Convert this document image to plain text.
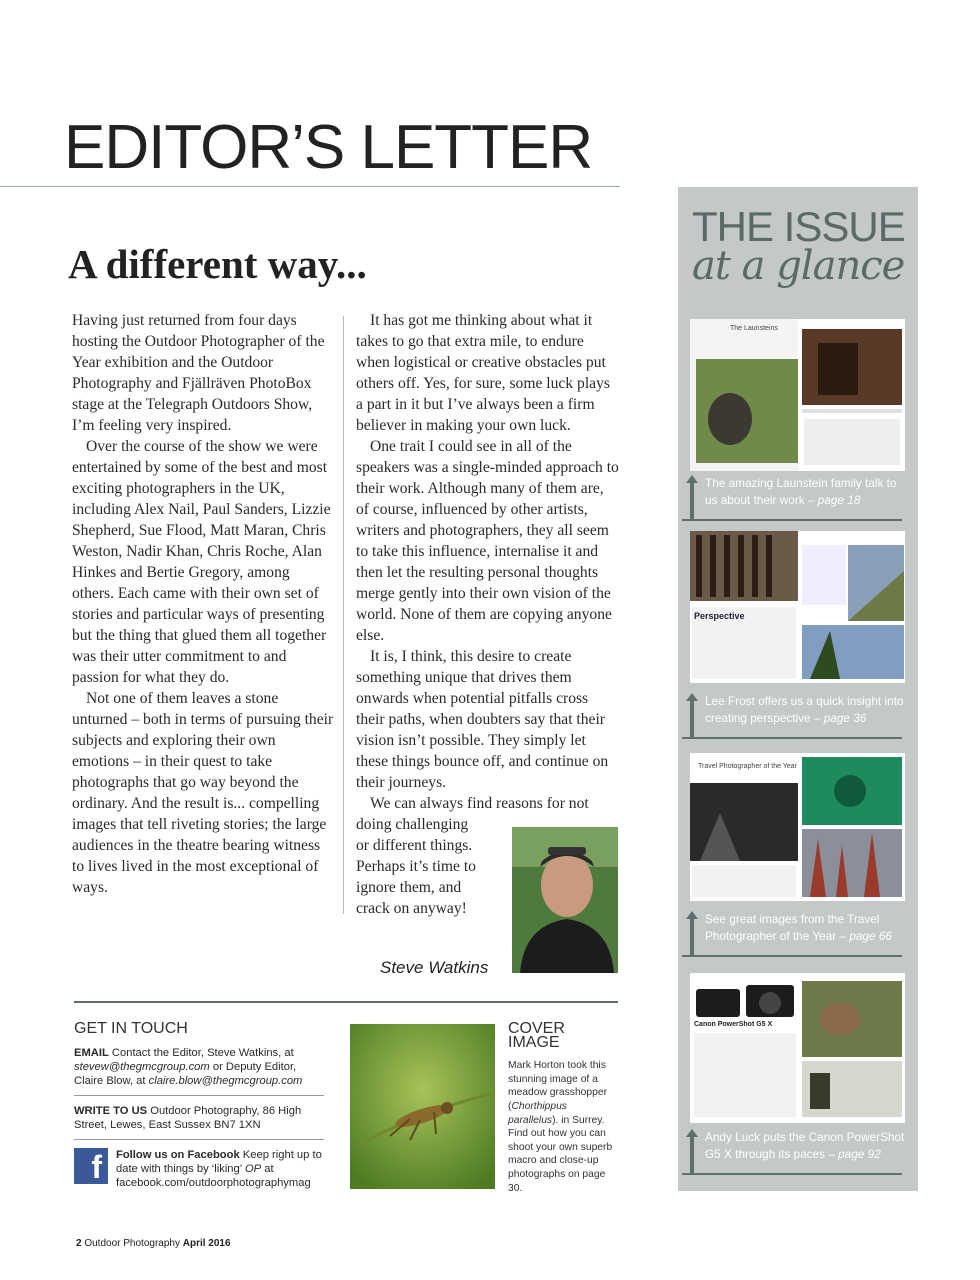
EDITOR’S LETTER
A different way...

Having just returned from four days hosting the Outdoor Photographer of the Year exhibition and the Outdoor Photography and Fjällräven PhotoBox stage at the Telegraph Outdoors Show, I’m feeling very inspired.

Over the course of the show we were entertained by some of the best and most exciting photographers in the UK, including Alex Nail, Paul Sanders, Lizzie Shepherd, Sue Flood, Matt Maran, Chris Weston, Nadir Khan, Chris Roche, Alan Hinkes and Bertie Gregory, among others. Each came with their own set of stories and particular ways of presenting but the thing that glued them all together was their utter commitment to and passion for what they do.

Not one of them leaves a stone unturned – both in terms of pursuing their subjects and exploring their own emotions – in their quest to take photographs that go way beyond the ordinary. And the result is... compelling images that tell riveting stories; the large audiences in the theatre bearing witness to lives lived in the most exceptional of ways.

It has got me thinking about what it takes to go that extra mile, to endure when logistical or creative obstacles put others off. Yes, for sure, some luck plays a part in it but I’ve always been a firm believer in making your own luck.

One trait I could see in all of the speakers was a single-minded approach to their work. Although many of them are, of course, influenced by other artists, writers and photographers, they all seem to take this influence, internalise it and then let the resulting personal thoughts merge gently into their own vision of the world. None of them are copying anyone else.

It is, I think, this desire to create something unique that drives them onwards when potential pitfalls cross their paths, when doubters say that their vision isn’t possible. They simply let these things bounce off, and continue on their journeys.

We can always find reasons for not
doing challenging
or different things.
Perhaps it’s time to
ignore them, and
crack on anyway!

Steve Watkins
GET IN TOUCH
EMAIL Contact the Editor, Steve Watkins, at stevew@thegmcgroup.com or Deputy Editor, Claire Blow, at claire.blow@thegmcgroup.com
WRITE TO US Outdoor Photography, 86 High Street, Lewes, East Sussex BN7 1XN
f Follow us on Facebook Keep right up to date with things by ‘liking’ OP at facebook.com/outdoorphotographymag
COVER IMAGE
Mark Horton took this stunning image of a meadow grasshopper (Chorthippus parallelus). in Surrey. Find out how you can shoot your own superb macro and close-up photographs on page 30.
2 Outdoor Photography April 2016
THE ISSUE
at a glance
The Launsteins
The amazing Launstein family talk to us about their work – page 18
Perspective
Lee Frost offers us a quick insight into creating perspective – page 36
Travel Photographer of the Year
See great images from the Travel Photographer of the Year – page 66
Canon PowerShot G5 X
Andy Luck puts the Canon PowerShot G5 X through its paces – page 92
